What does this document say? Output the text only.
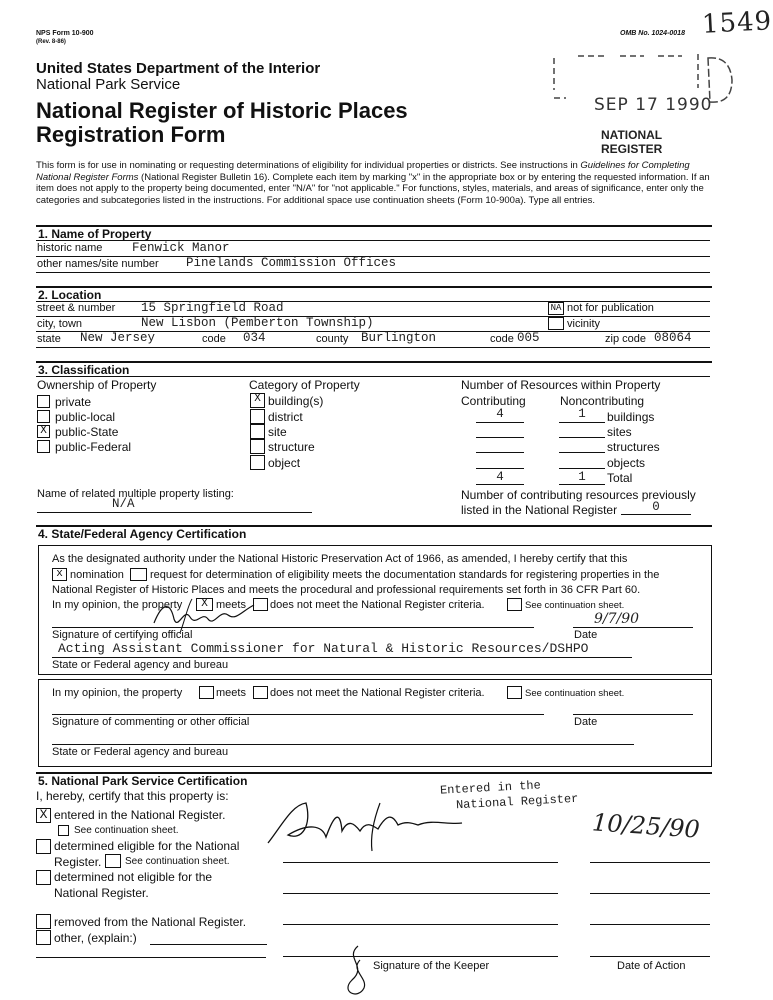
NPS Form 10-900
(Rev. 8-86)
OMB No. 1024-0018 1549
United States Department of the Interior
National Park Service
National Register of Historic Places
Registration Form
SEP 17 1990
NATIONAL
REGISTER
This form is for use in nominating or requesting determinations of eligibility for individual properties or districts. See instructions in Guidelines for Completing National Register Forms (National Register Bulletin 16). Complete each item by marking "x" in the appropriate box or by entering the requested information. If an item does not apply to the property being documented, enter "N/A" for "not applicable." For functions, styles, materials, and areas of significance, enter only the categories and subcategories listed in the instructions. For additional space use continuation sheets (Form 10-900a). Type all entries.
1. Name of Property
historic name Fenwick Manor
other names/site number Pinelands Commission Offices
2. Location
street & number 15 Springfield Road	NA not for publication
city, town	New Lisbon (Pemberton Township)	vicinity
state New Jersey	code 034	county Burlington	code 005	zip code 08064
3. Classification
Ownership of Property	Category of Property	Number of Resources within Property
private
public-local
X public-State
public-Federal
X building(s)
district
site
structure
object
Contributing	Noncontributing
4	1	buildings
sites
structures
objects
4	1	Total
Name of related multiple property listing:
N/A
Number of contributing resources previously
listed in the National Register	0
4. State/Federal Agency Certification
As the designated authority under the National Historic Preservation Act of 1966, as amended, I hereby certify that this
x nomination request for determination of eligibility meets the documentation standards for registering properties in the
National Register of Historic Places and meets the procedural and professional requirements set forth in 36 CFR Part 60.
In my opinion, the property	X meets does not meet the National Register criteria.	See continuation sheet.
9/7/90
Signature of certifying official	Date
Acting Assistant Commissioner for Natural & Historic Resources/DSHPO
State or Federal agency and bureau
In my opinion, the property	meets does not meet the National Register criteria.	See continuation sheet.
Signature of commenting or other official	Date
State or Federal agency and bureau
5. National Park Service Certification
I, hereby, certify that this property is:
X entered in the National Register.
See continuation sheet.
determined eligible for the National
Register. See continuation sheet.
determined not eligible for the
National Register.
removed from the National Register.
other, (explain:)
Entered in the
National Register
10/25/90
Signature of the Keeper	Date of Action
